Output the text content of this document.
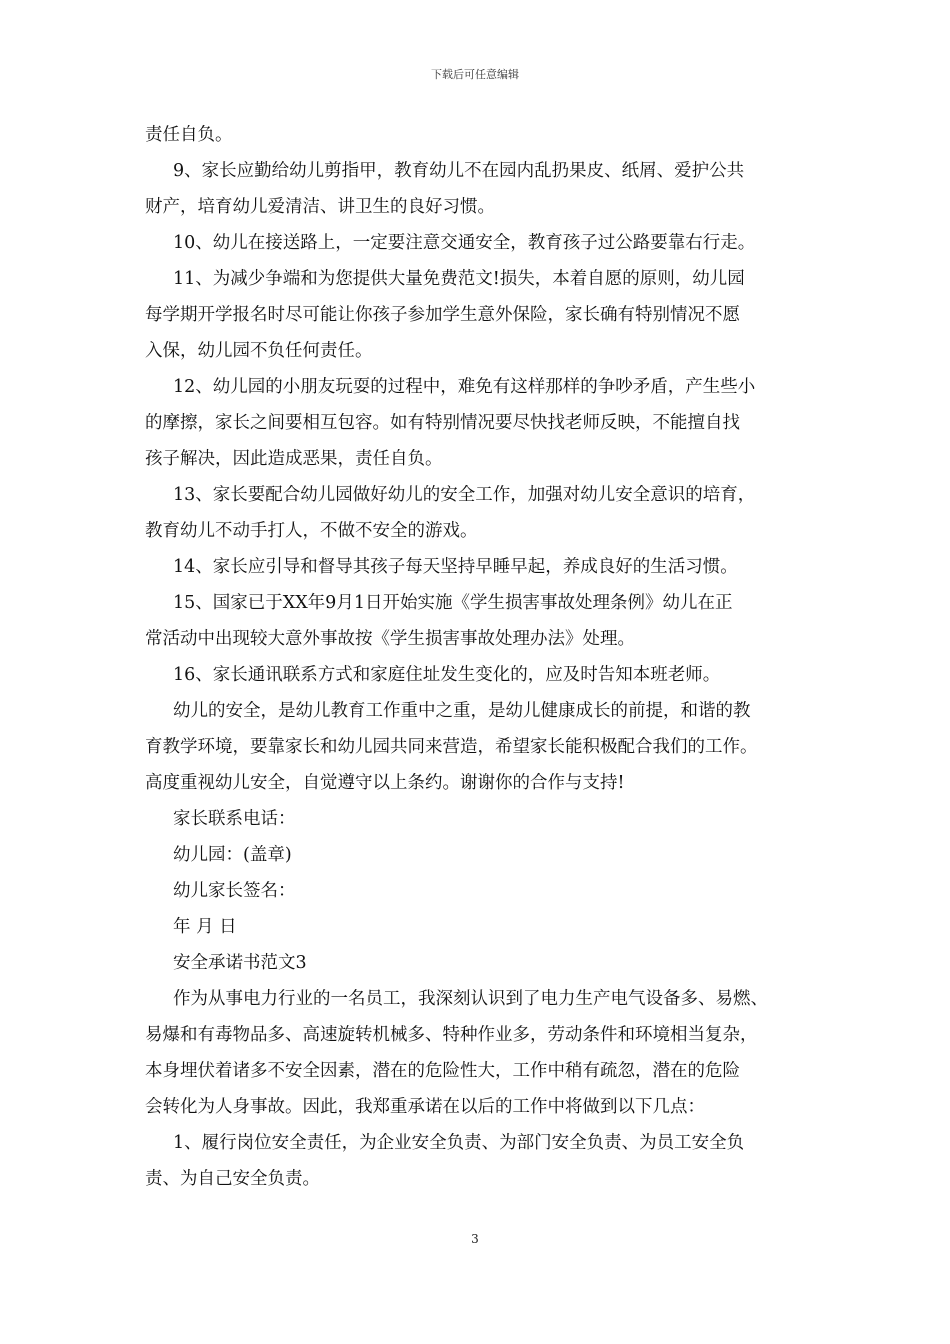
下载后可任意编辑
责任自负。
9、家长应勤给幼儿剪指甲，教育幼儿不在园内乱扔果皮、纸屑、爱护公共
财产，培育幼儿爱清洁、讲卫生的良好习惯。
10、幼儿在接送路上，一定要注意交通安全，教育孩子过公路要靠右行走。
11、为减少争端和为您提供大量免费范文!损失，本着自愿的原则，幼儿园
每学期开学报名时尽可能让你孩子参加学生意外保险，家长确有特别情况不愿
入保，幼儿园不负任何责任。
12、幼儿园的小朋友玩耍的过程中，难免有这样那样的争吵矛盾，产生些小
的摩擦，家长之间要相互包容。如有特别情况要尽快找老师反映，不能擅自找
孩子解决，因此造成恶果，责任自负。
13、家长要配合幼儿园做好幼儿的安全工作，加强对幼儿安全意识的培育，
教育幼儿不动手打人，不做不安全的游戏。
14、家长应引导和督导其孩子每天坚持早睡早起，养成良好的生活习惯。
15、国家已于XX年9月1日开始实施《学生损害事故处理条例》幼儿在正
常活动中出现较大意外事故按《学生损害事故处理办法》处理。
16、家长通讯联系方式和家庭住址发生变化的，应及时告知本班老师。
幼儿的安全，是幼儿教育工作重中之重，是幼儿健康成长的前提，和谐的教
育教学环境，要靠家长和幼儿园共同来营造，希望家长能积极配合我们的工作。
高度重视幼儿安全，自觉遵守以上条约。谢谢你的合作与支持!
家长联系电话：
幼儿园：(盖章)
幼儿家长签名：
年 月 日
安全承诺书范文3
作为从事电力行业的一名员工，我深刻认识到了电力生产电气设备多、易燃、
易爆和有毒物品多、高速旋转机械多、特种作业多，劳动条件和环境相当复杂，
本身埋伏着诸多不安全因素，潜在的危险性大，工作中稍有疏忽，潜在的危险
会转化为人身事故。因此，我郑重承诺在以后的工作中将做到以下几点：
1、履行岗位安全责任，为企业安全负责、为部门安全负责、为员工安全负
责、为自己安全负责。
3
